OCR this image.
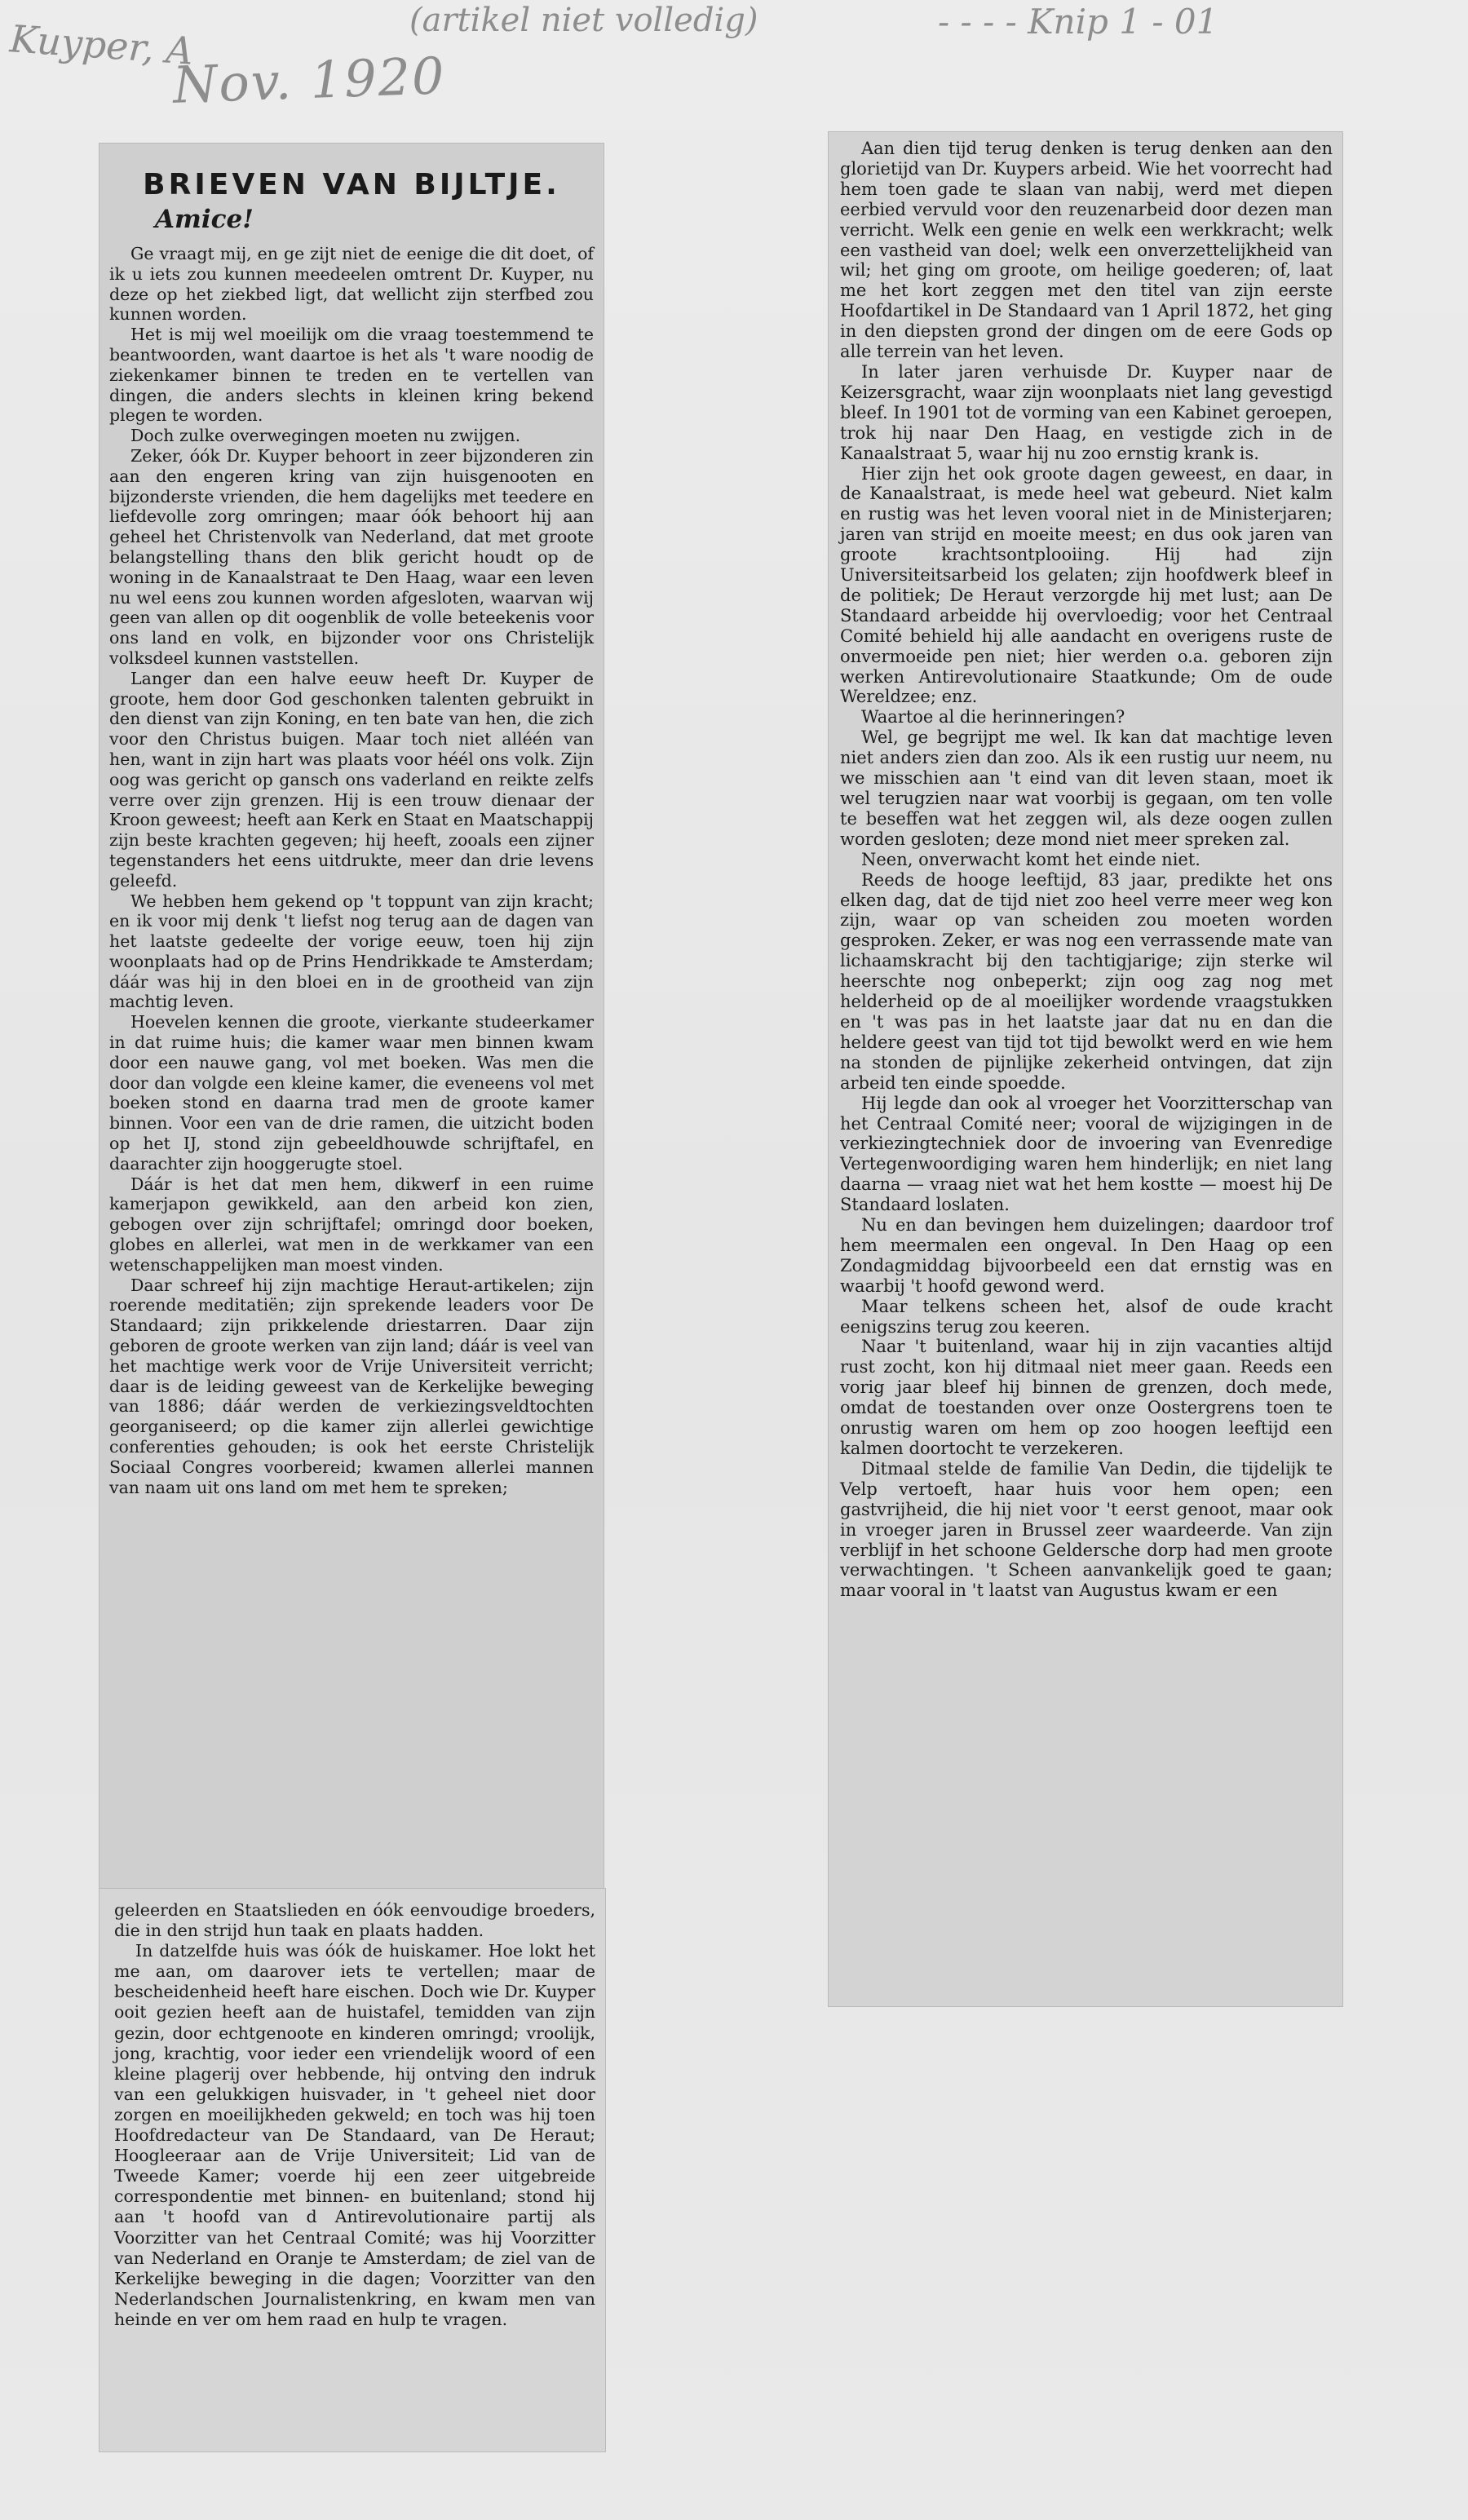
Kuyper, A
Nov. 1920
(artikel niet volledig)	- - - - Knip 1 - 01
BRIEVEN VAN BIJLTJE.
Amice!

Ge vraagt mij, en ge zijt niet de eenige die dit doet, of ik u iets zou kunnen meedeelen omtrent Dr. Kuyper, nu deze op het ziekbed ligt, dat wellicht zijn sterfbed zou kunnen worden.

Het is mij wel moeilijk om die vraag toestemmend te beantwoorden, want daartoe is het als 't ware noodig de ziekenkamer binnen te treden en te vertellen van dingen, die anders slechts in kleinen kring bekend plegen te worden.

Doch zulke overwegingen moeten nu zwijgen.

Zeker, óók Dr. Kuyper behoort in zeer bijzonderen zin aan den engeren kring van zijn huisgenooten en bijzonderste vrienden, die hem dagelijks met teedere en liefdevolle zorg omringen; maar óók behoort hij aan geheel het Christenvolk van Nederland, dat met groote belangstelling thans den blik gericht houdt op de woning in de Kanaalstraat te Den Haag, waar een leven nu wel eens zou kunnen worden afgesloten, waarvan wij geen van allen op dit oogenblik de volle beteekenis voor ons land en volk, en bijzonder voor ons Christelijk volksdeel kunnen vaststellen.

Langer dan een halve eeuw heeft Dr. Kuyper de groote, hem door God geschonken talenten gebruikt in den dienst van zijn Koning, en ten bate van hen, die zich voor den Christus buigen. Maar toch niet alléén van hen, want in zijn hart was plaats voor héél ons volk. Zijn oog was gericht op gansch ons vaderland en reikte zelfs verre over zijn grenzen. Hij is een trouw dienaar der Kroon geweest; heeft aan Kerk en Staat en Maatschappij zijn beste krachten gegeven; hij heeft, zooals een zijner tegenstanders het eens uitdrukte, meer dan drie levens geleefd.

We hebben hem gekend op 't toppunt van zijn kracht; en ik voor mij denk 't liefst nog terug aan de dagen van het laatste gedeelte der vorige eeuw, toen hij zijn woonplaats had op de Prins Hendrikkade te Amsterdam; dáár was hij in den bloei en in de grootheid van zijn machtig leven.

Hoevelen kennen die groote, vierkante studeerkamer in dat ruime huis; die kamer waar men binnen kwam door een nauwe gang, vol met boeken. Was men die door dan volgde een kleine kamer, die eveneens vol met boeken stond en daarna trad men de groote kamer binnen. Voor een van de drie ramen, die uitzicht boden op het IJ, stond zijn gebeeldhouwde schrijftafel, en daarachter zijn hooggerugte stoel.

Dáár is het dat men hem, dikwerf in een ruime kamerjapon gewikkeld, aan den arbeid kon zien, gebogen over zijn schrijftafel; omringd door boeken, globes en allerlei, wat men in de werkkamer van een wetenschappelijken man moest vinden.

Daar schreef hij zijn machtige Heraut-artikelen; zijn roerende meditatiën; zijn sprekende leaders voor De Standaard; zijn prikkelende driestarren. Daar zijn geboren de groote werken van zijn land; dáár is veel van het machtige werk voor de Vrije Universiteit verricht; daar is de leiding geweest van de Kerkelijke beweging van 1886; dáár werden de verkiezingsveldtochten georganiseerd; op die kamer zijn allerlei gewichtige conferenties gehouden; is ook het eerste Christelijk Sociaal Congres voorbereid; kwamen allerlei mannen van naam uit ons land om met hem te spreken;

geleerden en Staatslieden en óók eenvoudige broeders, die in den strijd hun taak en plaats hadden.

In datzelfde huis was óók de huiskamer. Hoe lokt het me aan, om daarover iets te vertellen; maar de bescheidenheid heeft hare eischen. Doch wie Dr. Kuyper ooit gezien heeft aan de huistafel, temidden van zijn gezin, door echtgenoote en kinderen omringd; vroolijk, jong, krachtig, voor ieder een vriendelijk woord of een kleine plagerij over hebbende, hij ontving den indruk van een gelukkigen huisvader, in 't geheel niet door zorgen en moeilijkheden gekweld; en toch was hij toen Hoofdredacteur van De Standaard, van De Heraut; Hoogleeraar aan de Vrije Universiteit; Lid van de Tweede Kamer; voerde hij een zeer uitgebreide correspondentie met binnen- en buitenland; stond hij aan 't hoofd van d Antirevolutionaire partij als Voorzitter van het Centraal Comité; was hij Voorzitter van Nederland en Oranje te Amsterdam; de ziel van de Kerkelijke beweging in die dagen; Voorzitter van den Nederlandschen Journalistenkring, en kwam men van heinde en ver om hem raad en hulp te vragen.

Aan dien tijd terug denken is terug denken aan den glorietijd van Dr. Kuypers arbeid. Wie het voorrecht had hem toen gade te slaan van nabij, werd met diepen eerbied vervuld voor den reuzenarbeid door dezen man verricht. Welk een genie en welk een werkkracht; welk een vastheid van doel; welk een onverzettelijkheid van wil; het ging om groote, om heilige goederen; of, laat me het kort zeggen met den titel van zijn eerste Hoofdartikel in De Standaard van 1 April 1872, het ging in den diepsten grond der dingen om de eere Gods op alle terrein van het leven.

In later jaren verhuisde Dr. Kuyper naar de Keizersgracht, waar zijn woonplaats niet lang gevestigd bleef. In 1901 tot de vorming van een Kabinet geroepen, trok hij naar Den Haag, en vestigde zich in de Kanaalstraat 5, waar hij nu zoo ernstig krank is.

Hier zijn het ook groote dagen geweest, en daar, in de Kanaalstraat, is mede heel wat gebeurd. Niet kalm en rustig was het leven vooral niet in de Ministerjaren; jaren van strijd en moeite meest; en dus ook jaren van groote krachtsontplooiing. Hij had zijn Universiteitsarbeid los gelaten; zijn hoofdwerk bleef in de politiek; De Heraut verzorgde hij met lust; aan De Standaard arbeidde hij overvloedig; voor het Centraal Comité behield hij alle aandacht en overigens ruste de onvermoeide pen niet; hier werden o.a. geboren zijn werken Antirevolutionaire Staatkunde; Om de oude Wereldzee; enz.

Waartoe al die herinneringen?

Wel, ge begrijpt me wel. Ik kan dat machtige leven niet anders zien dan zoo. Als ik een rustig uur neem, nu we misschien aan 't eind van dit leven staan, moet ik wel terugzien naar wat voorbij is gegaan, om ten volle te beseffen wat het zeggen wil, als deze oogen zullen worden gesloten; deze mond niet meer spreken zal.

Neen, onverwacht komt het einde niet.

Reeds de hooge leeftijd, 83 jaar, predikte het ons elken dag, dat de tijd niet zoo heel verre meer weg kon zijn, waar op van scheiden zou moeten worden gesproken. Zeker, er was nog een verrassende mate van lichaamskracht bij den tachtigjarige; zijn sterke wil heerschte nog onbeperkt; zijn oog zag nog met helderheid op de al moeilijker wordende vraagstukken en 't was pas in het laatste jaar dat nu en dan die heldere geest van tijd tot tijd bewolkt werd en wie hem na stonden de pijnlijke zekerheid ontvingen, dat zijn arbeid ten einde spoedde.

Hij legde dan ook al vroeger het Voorzitterschap van het Centraal Comité neer; vooral de wijzigingen in de verkiezingtechniek door de invoering van Evenredige Vertegenwoordiging waren hem hinderlijk; en niet lang daarna — vraag niet wat het hem kostte — moest hij De Standaard loslaten.

Nu en dan bevingen hem duizelingen; daardoor trof hem meermalen een ongeval. In Den Haag op een Zondagmiddag bijvoorbeeld een dat ernstig was en waarbij 't hoofd gewond werd.

Maar telkens scheen het, alsof de oude kracht eenigszins terug zou keeren.

Naar 't buitenland, waar hij in zijn vacanties altijd rust zocht, kon hij ditmaal niet meer gaan. Reeds een vorig jaar bleef hij binnen de grenzen, doch mede, omdat de toestanden over onze Oostergrens toen te onrustig waren om hem op zoo hoogen leeftijd een kalmen doortocht te verzekeren.

Ditmaal stelde de familie Van Dedin, die tijdelijk te Velp vertoeft, haar huis voor hem open; een gastvrijheid, die hij niet voor 't eerst genoot, maar ook in vroeger jaren in Brussel zeer waardeerde. Van zijn verblijf in het schoone Geldersche dorp had men groote verwachtingen. 't Scheen aanvankelijk goed te gaan; maar vooral in 't laatst van Augustus kwam er een
